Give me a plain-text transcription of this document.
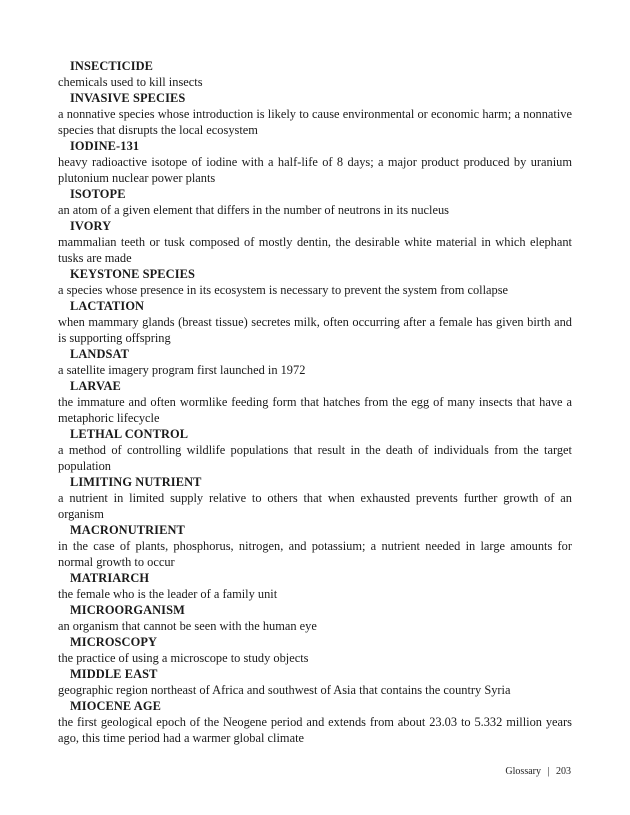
INSECTICIDE
chemicals used to kill insects
INVASIVE SPECIES
a nonnative species whose introduction is likely to cause environmental or economic harm; a nonnative species that disrupts the local ecosystem
IODINE-131
heavy radioactive isotope of iodine with a half-life of 8 days; a major product produced by uranium plutonium nuclear power plants
ISOTOPE
an atom of a given element that differs in the number of neutrons in its nucleus
IVORY
mammalian teeth or tusk composed of mostly dentin, the desirable white material in which elephant tusks are made
KEYSTONE SPECIES
a species whose presence in its ecosystem is necessary to prevent the system from collapse
LACTATION
when mammary glands (breast tissue) secretes milk, often occurring after a female has given birth and is supporting offspring
LANDSAT
a satellite imagery program first launched in 1972
LARVAE
the immature and often wormlike feeding form that hatches from the egg of many insects that have a metaphoric lifecycle
LETHAL CONTROL
a method of controlling wildlife populations that result in the death of individuals from the target population
LIMITING NUTRIENT
a nutrient in limited supply relative to others that when exhausted prevents further growth of an organism
MACRONUTRIENT
in the case of plants, phosphorus, nitrogen, and potassium; a nutrient needed in large amounts for normal growth to occur
MATRIARCH
the female who is the leader of a family unit
MICROORGANISM
an organism that cannot be seen with the human eye
MICROSCOPY
the practice of using a microscope to study objects
MIDDLE EAST
geographic region northeast of Africa and southwest of Asia that contains the country Syria
MIOCENE AGE
the first geological epoch of the Neogene period and extends from about 23.03 to 5.332 million years ago, this time period had a warmer global climate
Glossary | 203
